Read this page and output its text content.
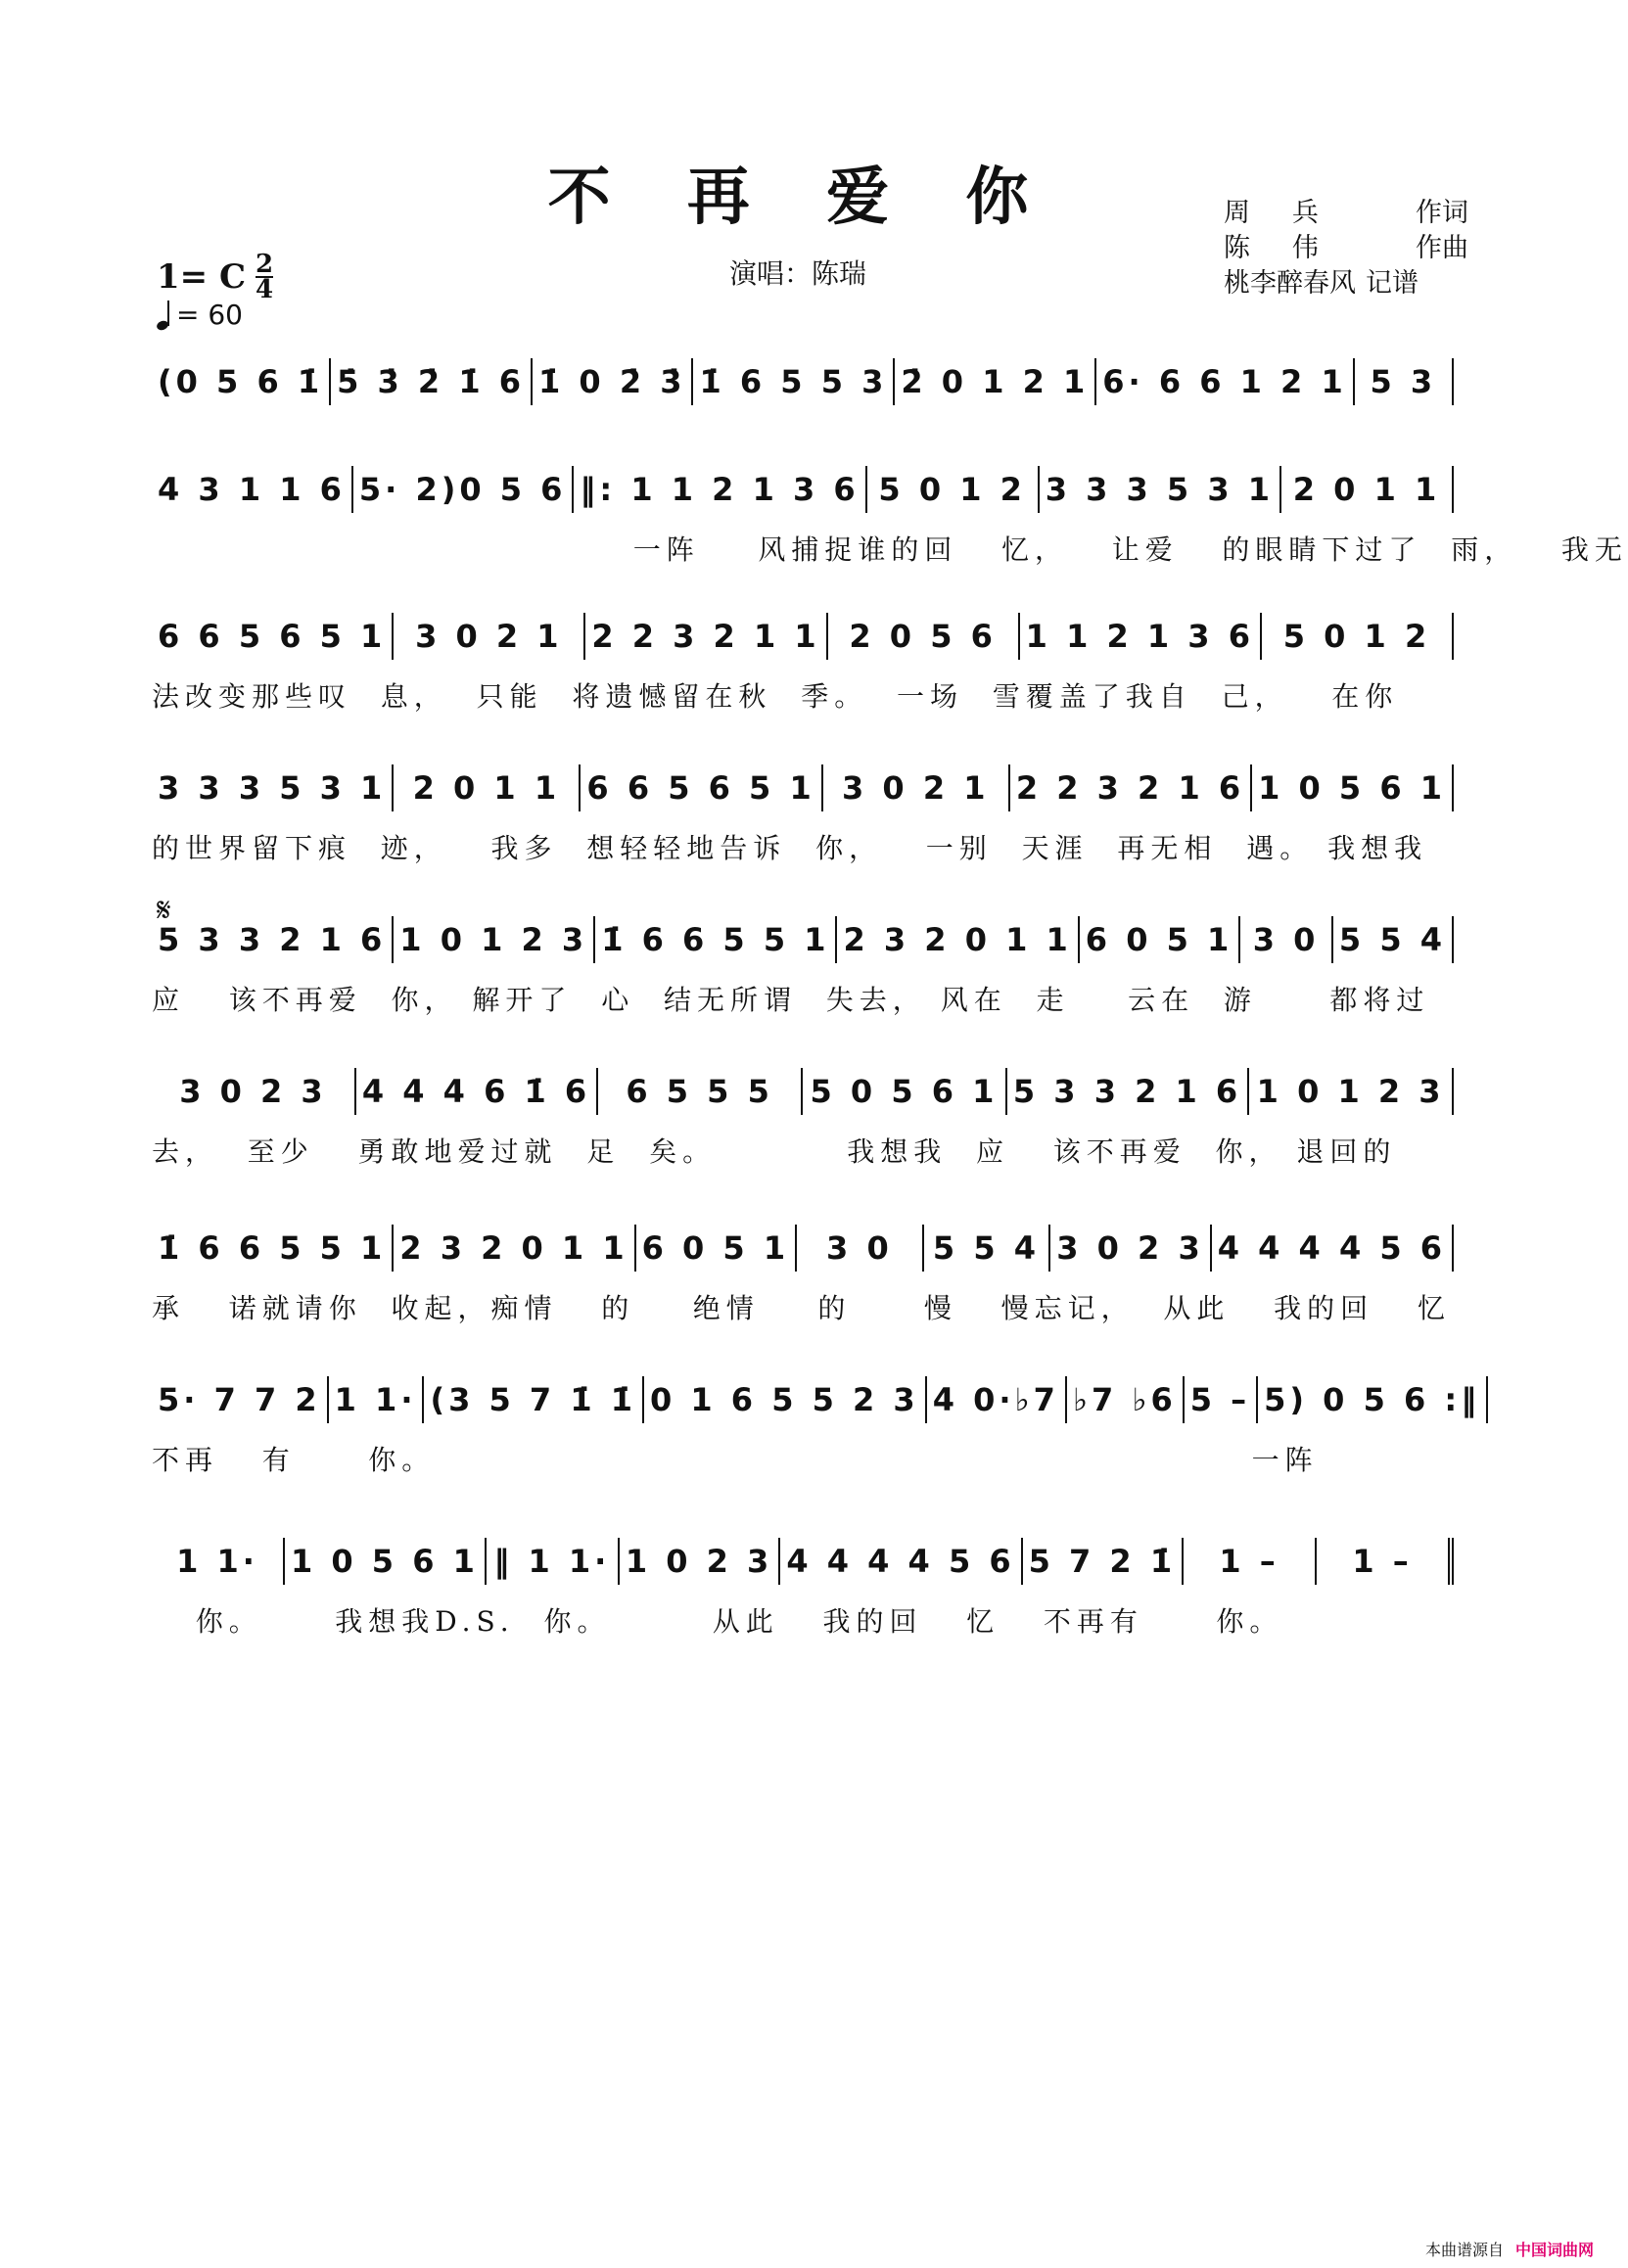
不 再 爱 你	周     兵	作词
陈     伟	作曲
桃李醉春风 记谱
演唱：陈瑞
1= C 2
4
= 60
𝄋
(0 5 6 1̇ 5̇ 3̇ 2̇ 1̇ 6 1̇ 0 2̇ 3̇ 1̇ 6 5 5 3 2̇ 0 1 2 1 6· 6 6 1 2 1 5 3
4 3 1 1 6 5· 2)0 5 6 ‖: 1 1 2 1 3 6 5 0 1 2 3 3 3 5 3 1 2 0 1 1
一阵    风捕捉谁的回   忆，   让爱   的眼睛下过了  雨，   我无
6 6 5 6 5 1 3 0 2 1 2 2 3 2 1 1 2 0 5 6 1 1 2 1 3 6 5 0 1 2
法改变那些叹  息，  只能  将遗憾留在秋  季。  一场  雪覆盖了我自  己，   在你
3 3 3 5 3 1 2 0 1 1 6 6 5 6 5 1 3 0 2 1 2 2 3 2 1 6 1 0 5 6 1
的世界留下痕  迹，   我多  想轻轻地告诉  你，   一别  天涯  再无相  遇。 我想我
5 3 3 2 1 6 1 0 1 2 3 1̇ 6 6 5 5 1 2 3 2 0 1 1 6 0 5 1 3 0 5 5 4
应   该不再爱  你， 解开了  心  结无所谓  失去， 风在  走    云在  游     都将过
3 0 2 3	4 4 4 6 1̇ 6	6 5 5 5	5 0 5 6 1 5 3 3 2 1 6 1 0 1 2 3
去，  至少   勇敢地爱过就  足  矣。         我想我  应   该不再爱  你， 退回的
1̇ 6 6 5 5 1 2 3 2 0 1 1 6 0 5 1	3 0	5 5 4 3 0 2 3 4 4 4 4 5 6
承   诺就请你  收起，痴情   的    绝情    的     慢   慢忘记，  从此   我的回   忆
5· 7 7 2 1 1· (3 5 7 1̇ 1̇ 0 1 6 5 5 2 3 4 0·♭7 ♭7 ♭6 5 – 5) 0 5 6 :‖
不再   有     你。                                                        一阵
1 1·	1 0 5 6 1 ‖ 1 1· 1 0 2 3 4 4 4 4 5 6 5 7 2 1̇	1 –	1 –
你。     我想我D.S.  你。       从此   我的回   忆   不再有     你。
本曲谱源自 中国词曲网
